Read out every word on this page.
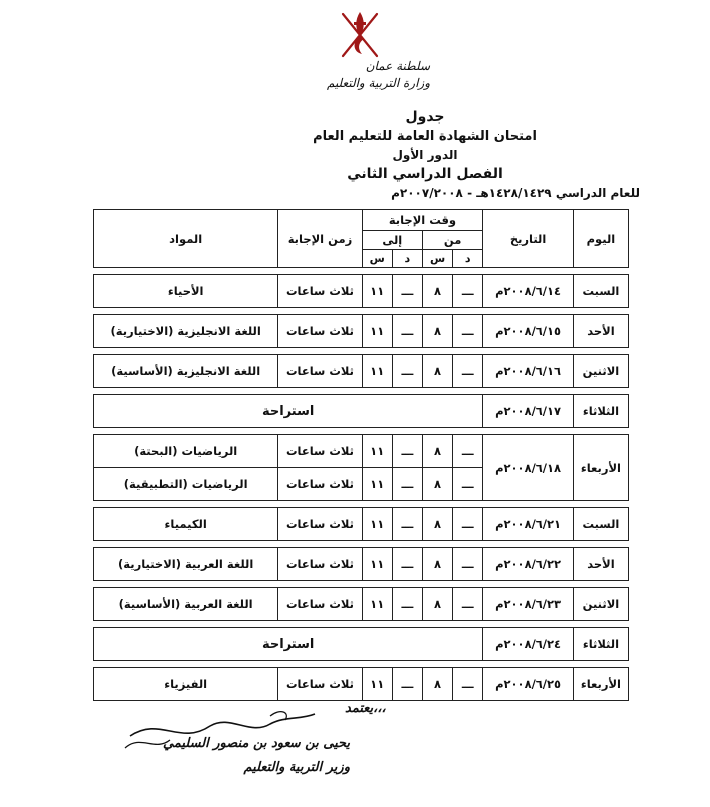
سلطنة عمان
وزارة التربية والتعليم
جدول
امتحان الشهادة العامة للتعليم العام
الدور الأول
الفصل الدراسي الثاني
للعام الدراسي ١٤٢٨/١٤٢٩هـ - ٢٠٠٧/٢٠٠٨م
اليوم	التاريخ	وقت الإجابة				زمن الإجابة	المواد
		من		إلى			
		د	س	د	س		

السبت	٢٠٠٨/٦/١٤م	ـــ	٨	ـــ	١١	ثلاث ساعات	الأحياء

الأحد	٢٠٠٨/٦/١٥م	ـــ	٨	ـــ	١١	ثلاث ساعات	اللغة الانجليزية (الاختيارية)

الاثنين	٢٠٠٨/٦/١٦م	ـــ	٨	ـــ	١١	ثلاث ساعات	اللغة الانجليزية (الأساسية)

الثلاثاء	٢٠٠٨/٦/١٧م	استراحة					

الأربعاء	٢٠٠٨/٦/١٨م	ـــ	٨	ـــ	١١	ثلاث ساعات	الرياضيات (البحتة)
		ـــ	٨	ـــ	١١	ثلاث ساعات	الرياضيات (التطبيقية)

السبت	٢٠٠٨/٦/٢١م	ـــ	٨	ـــ	١١	ثلاث ساعات	الكيمياء

الأحد	٢٠٠٨/٦/٢٢م	ـــ	٨	ـــ	١١	ثلاث ساعات	اللغة العربية (الاختيارية)

الاثنين	٢٠٠٨/٦/٢٣م	ـــ	٨	ـــ	١١	ثلاث ساعات	اللغة العربية (الأساسية)

الثلاثاء	٢٠٠٨/٦/٢٤م	استراحة					

الأربعاء	٢٠٠٨/٦/٢٥م	ـــ	٨	ـــ	١١	ثلاث ساعات	الفيزياء
يعتمد،،،
يحيى بن سعود بن منصور السليمي
وزير التربية والتعليم
